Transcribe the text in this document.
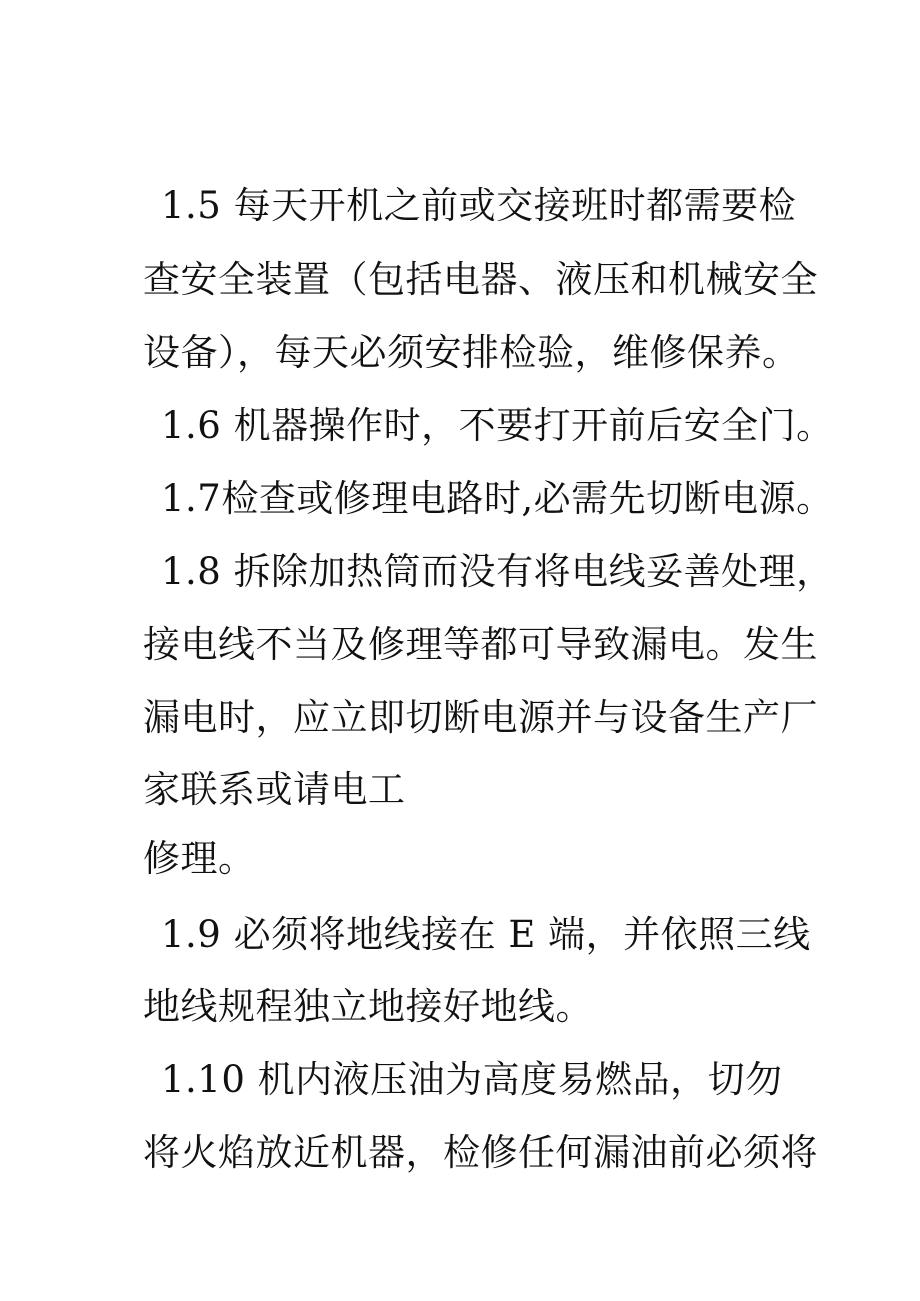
1.5 每天开机之前或交接班时都需要检
查安全装置（包括电器、液压和机械安全
设备），每天必须安排检验，维修保养。
1.6 机器操作时，不要打开前后安全门。
1.7检查或修理电路时,必需先切断电源。
1.8 拆除加热筒而没有将电线妥善处理，
接电线不当及修理等都可导致漏电。发生
漏电时，应立即切断电源并与设备生产厂
家联系或请电工
修理。
1.9 必须将地线接在 E 端，并依照三线
地线规程独立地接好地线。
1.10 机内液压油为高度易燃品，切勿
将火焰放近机器，检修任何漏油前必须将
